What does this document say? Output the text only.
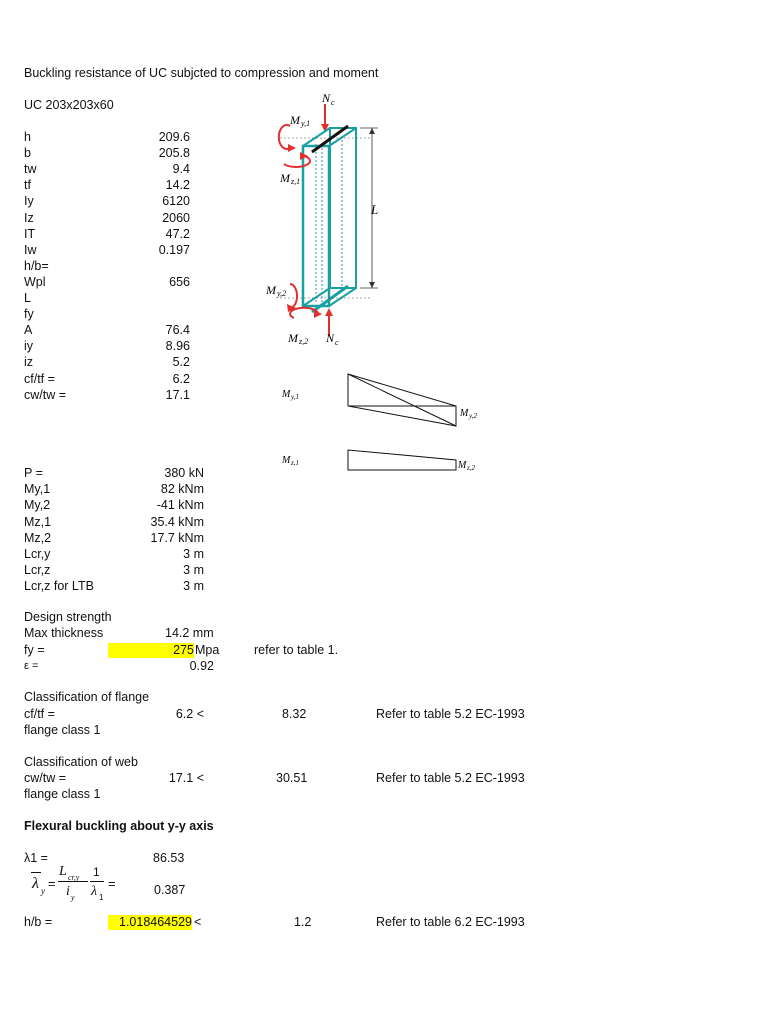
Buckling resistance of UC subjcted to compression and moment
UC 203x203x60
h	209.6
b	205.8
tw	9.4
tf	14.2
Iy	6120
Iz	2060
IT	47.2
Iw	0.197
h/b=
Wpl	656
L
fy
A	76.4
iy	8.96
iz	5.2
cf/tf =	6.2
cw/tw =	17.1
P =	380 kN
My,1	82 kNm
My,2	-41 kNm
Mz,1	35.4 kNm
Mz,2	17.7 kNm
Lcr,y	3 m
Lcr,z	3 m
Lcr,z for LTB	3 m
N c
L
M y,1
M z,1
M y,2
M z,2 N c
M y,1
M y,2
M z,1	M z,2
Design strength
Max thickness	14.2 mm
fy =	275 Mpa	refer to table 1.
ε =	0.92
Classification of flange
cf/tf =	6.2 <	8.32	Refer to table 5.2 EC-1993
flange class 1
Classification of web
cw/tw =	17.1 <	30.51	Refer to table 5.2 EC-1993
flange class 1
Flexural buckling about y-y axis
λ1 =	86.53
λ y =
L cr,y
i y
1
λ 1
=	0.387
h/b =	1.018464529 <	1.2	Refer to table 6.2 EC-1993
